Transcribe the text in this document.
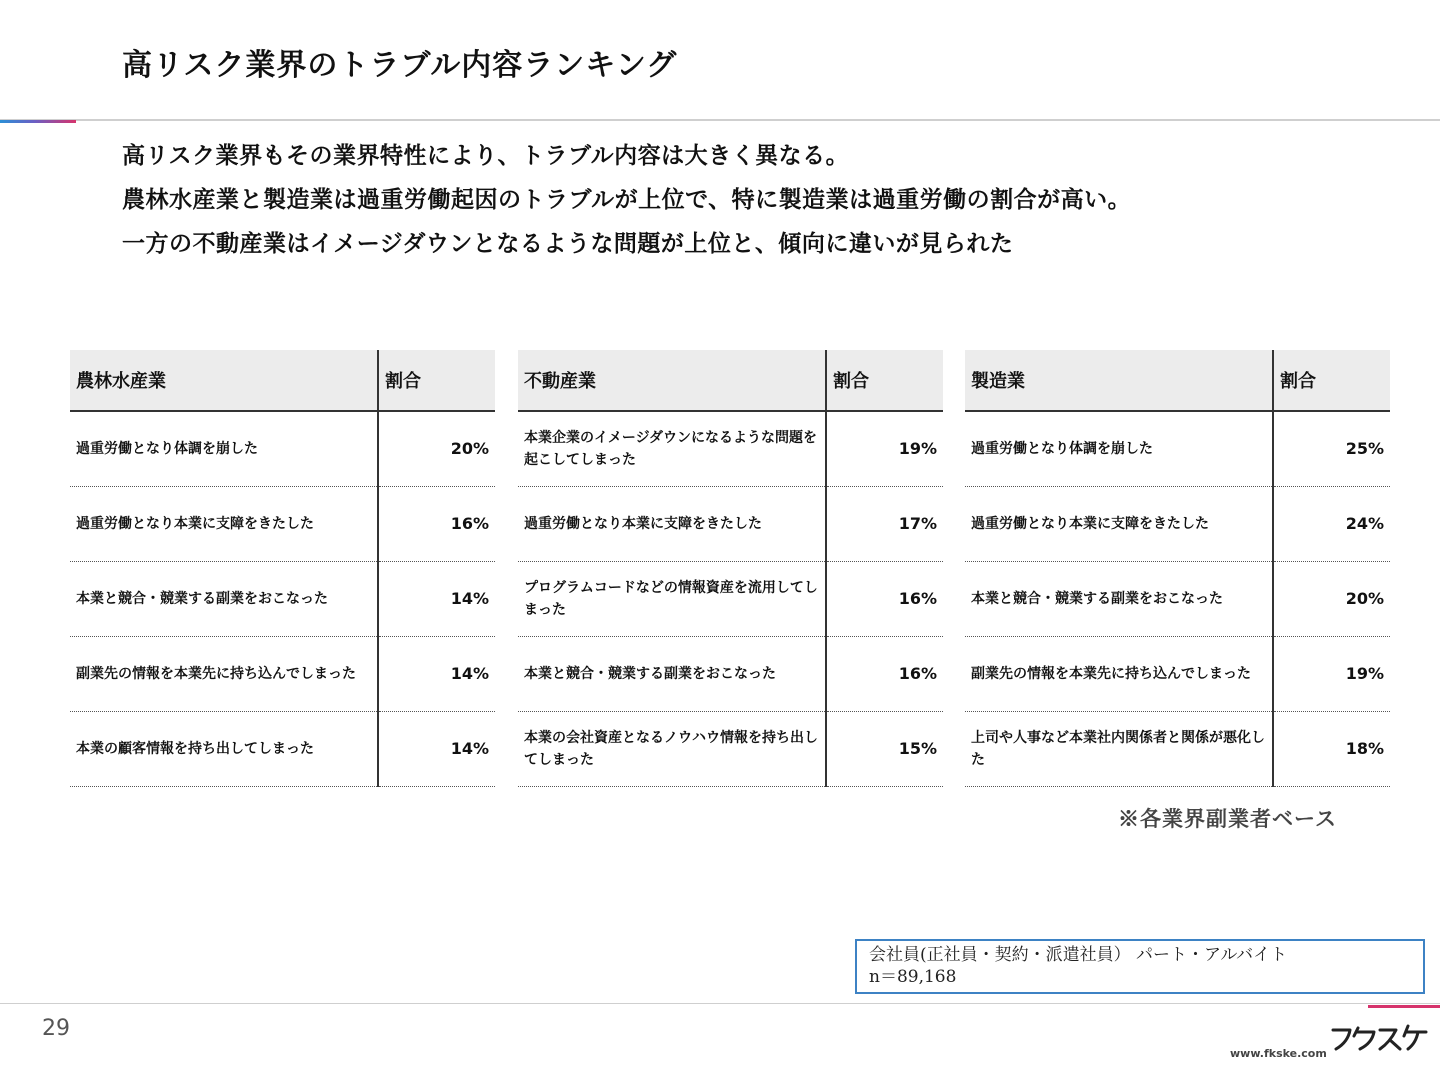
高リスク業界のトラブル内容ランキング

高リスク業界もその業界特性により、トラブル内容は大きく異なる。

農林水産業と製造業は過重労働起因のトラブルが上位で、特に製造業は過重労働の割合が高い。

一方の不動産業はイメージダウンとなるような問題が上位と、傾向に違いが見られた

農林水産業	割合
過重労働となり体調を崩した	20%
過重労働となり本業に支障をきたした	16%
本業と競合・競業する副業をおこなった	14%
副業先の情報を本業先に持ち込んでしまった	14%
本業の顧客情報を持ち出してしまった	14%
不動産業	割合
本業企業のイメージダウンになるような問題を起こしてしまった	19%
過重労働となり本業に支障をきたした	17%
プログラムコードなどの情報資産を流用してしまった	16%
本業と競合・競業する副業をおこなった	16%
本業の会社資産となるノウハウ情報を持ち出してしまった	15%
製造業	割合
過重労働となり体調を崩した	25%
過重労働となり本業に支障をきたした	24%
本業と競合・競業する副業をおこなった	20%
副業先の情報を本業先に持ち込んでしまった	19%
上司や人事など本業社内関係者と関係が悪化した	18%
※各業界副業者ベース
会社員(正社員・契約・派遣社員） パート・アルバイト
n＝89,168
29
www.fkske.com
